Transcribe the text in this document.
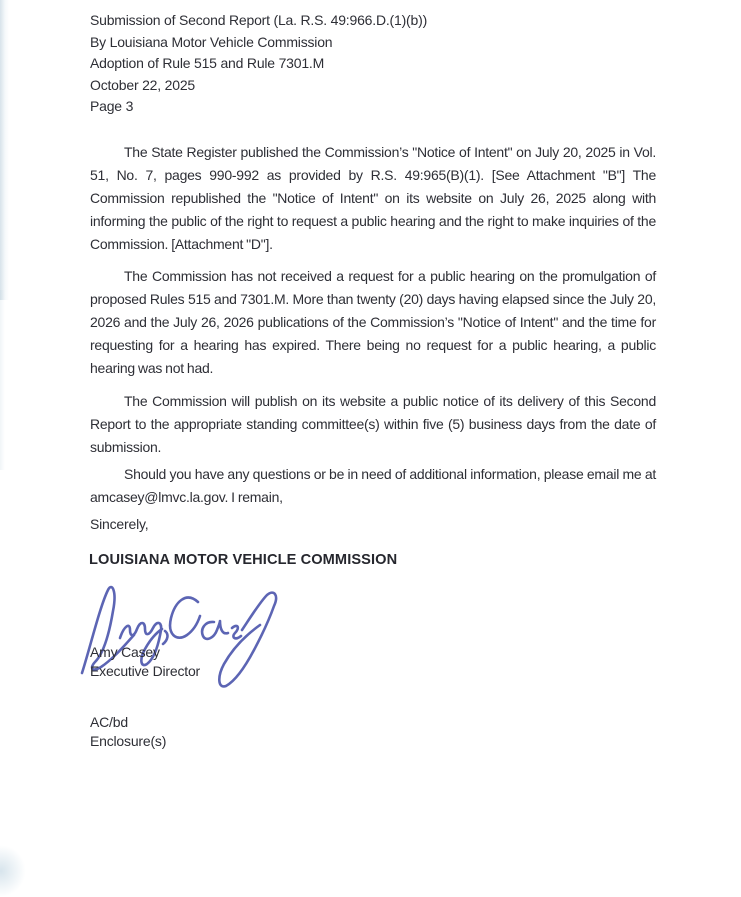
Submission of Second Report (La. R.S. 49:966.D.(1)(b))
By Louisiana Motor Vehicle Commission
Adoption of Rule 515 and Rule 7301.M
October 22, 2025
Page 3

The State Register published the Commission’s "Notice of Intent" on July 20, 2025 in Vol. 51, No. 7, pages 990-992 as provided by R.S. 49:965(B)(1). [See Attachment "B"] The Commission republished the "Notice of Intent" on its website on July 26, 2025 along with informing the public of the right to request a public hearing and the right to make inquiries of the Commission. [Attachment "D"].

The Commission has not received a request for a public hearing on the promulgation of proposed Rules 515 and 7301.M. More than twenty (20) days having elapsed since the July 20, 2026 and the July 26, 2026 publications of the Commission’s "Notice of Intent" and the time for requesting for a hearing has expired. There being no request for a public hearing, a public hearing was not had.

The Commission will publish on its website a public notice of its delivery of this Second Report to the appropriate standing committee(s) within five (5) business days from the date of submission.

Should you have any questions or be in need of additional information, please email me at amcasey@lmvc.la.gov. I remain,

Sincerely,
LOUISIANA MOTOR VEHICLE COMMISSION
Amy Casey
Executive Director
AC/bd
Enclosure(s)
